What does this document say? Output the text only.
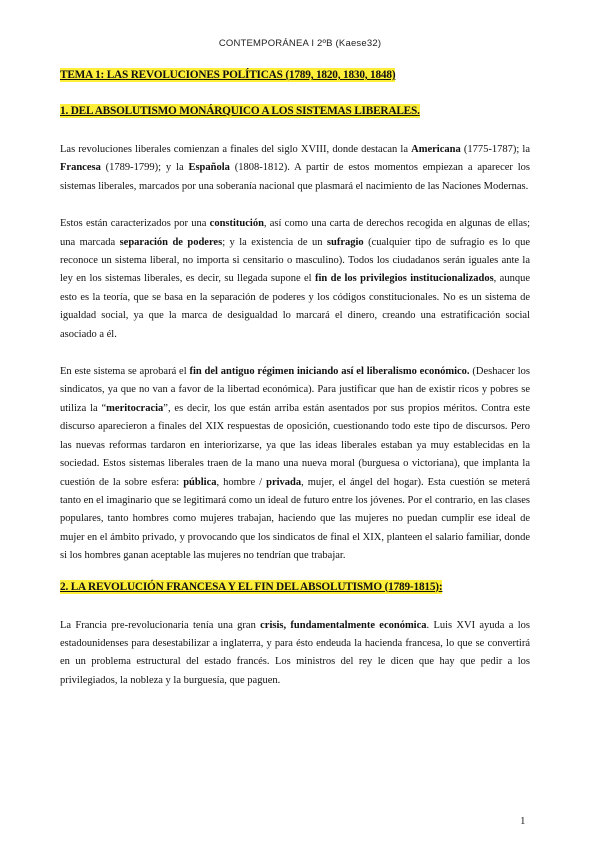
CONTEMPORÁNEA I 2ºB (Kaese32)
TEMA 1: LAS REVOLUCIONES POLÍTICAS (1789, 1820, 1830, 1848)
1. DEL ABSOLUTISMO MONÁRQUICO A LOS SISTEMAS LIBERALES.

Las revoluciones liberales comienzan a finales del siglo XVIII, donde destacan la Americana (1775-1787); la Francesa (1789-1799); y la Española (1808-1812). A partir de estos momentos empiezan a aparecer los sistemas liberales, marcados por una soberanía nacional que plasmará el nacimiento de las Naciones Modernas.

Estos están caracterizados por una constitución, así como una carta de derechos recogida en algunas de ellas; una marcada separación de poderes; y la existencia de un sufragio (cualquier tipo de sufragio es lo que reconoce un sistema liberal, no importa si censitario o masculino). Todos los ciudadanos serán iguales ante la ley en los sistemas liberales, es decir, su llegada supone el fin de los privilegios institucionalizados, aunque esto es la teoría, que se basa en la separación de poderes y los códigos constitucionales. No es un sistema de igualdad social, ya que la marca de desigualdad lo marcará el dinero, creando una estratificación social asociado a él.

En este sistema se aprobará el fin del antiguo régimen iniciando así el liberalismo económico. (Deshacer los sindicatos, ya que no van a favor de la libertad económica). Para justificar que han de existir ricos y pobres se utiliza la “meritocracia”, es decir, los que están arriba están asentados por sus propios méritos. Contra este discurso aparecieron a finales del XIX respuestas de oposición, cuestionando todo este tipo de discursos. Pero las nuevas reformas tardaron en interiorizarse, ya que las ideas liberales estaban ya muy establecidas en la sociedad. Estos sistemas liberales traen de la mano una nueva moral (burguesa o victoriana), que implanta la cuestión de la sobre esfera: pública, hombre / privada, mujer, el ángel del hogar). Esta cuestión se meterá tanto en el imaginario que se legitimará como un ideal de futuro entre los jóvenes. Por el contrario, en las clases populares, tanto hombres como mujeres trabajan, haciendo que las mujeres no puedan cumplir ese ideal de mujer en el ámbito privado, y provocando que los sindicatos de final el XIX, planteen el salario familiar, donde si los hombres ganan aceptable las mujeres no tendrían que trabajar.

2. LA REVOLUCIÓN FRANCESA Y EL FIN DEL ABSOLUTISMO (1789-1815):

La Francia pre-revolucionaria tenía una gran crisis, fundamentalmente económica. Luis XVI ayuda a los estadounidenses para desestabilizar a inglaterra, y para ésto endeuda la hacienda francesa, lo que se convertirá en un problema estructural del estado francés. Los ministros del rey le dicen que hay que pedir a los privilegiados, la nobleza y la burguesía, que paguen.

1
